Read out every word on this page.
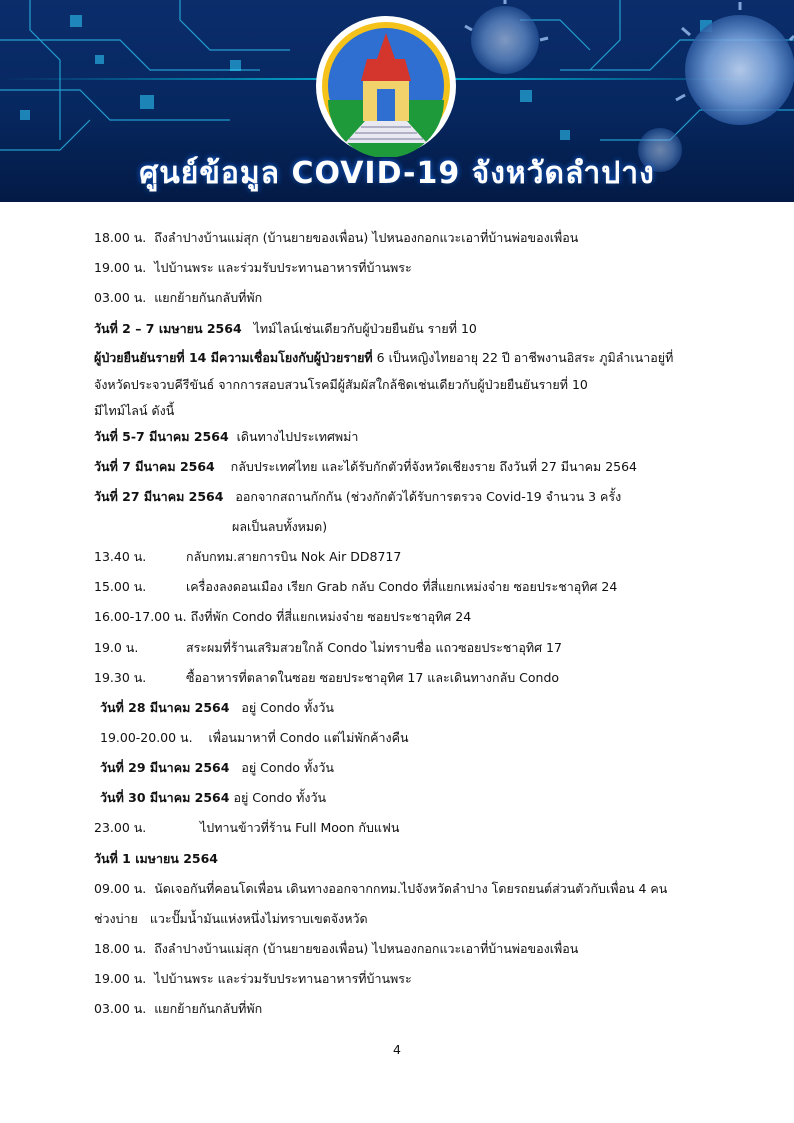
ศูนย์ข้อมูล COVID-19 จังหวัดลำปาง
18.00 น. ถึงลำปางบ้านแม่สุก (บ้านยายของเพื่อน) ไปหนองกอกแวะเอาที่บ้านพ่อของเพื่อน
19.00 น. ไปบ้านพระ และร่วมรับประทานอาหารที่บ้านพระ
03.00 น. แยกย้ายกันกลับที่พัก
วันที่ 2 – 7 เมษายน 2564 ไทม์ไลน์เช่นเดียวกับผู้ป่วยยืนยัน รายที่ 10
ผู้ป่วยยืนยันรายที่ 14 มีความเชื่อมโยงกับผู้ป่วยรายที่ 6 เป็นหญิงไทยอายุ 22 ปี อาชีพงานอิสระ ภูมิลำเนาอยู่ที่
จังหวัดประจวบคีรีขันธ์ จากการสอบสวนโรคมีผู้สัมผัสใกล้ชิดเช่นเดียวกับผู้ป่วยยืนยันรายที่ 10
มีไทม์ไลน์ ดังนี้
วันที่ 5-7 มีนาคม 2564 เดินทางไปประเทศพม่า
วันที่ 7 มีนาคม 2564 กลับประเทศไทย และได้รับกักตัวที่จังหวัดเชียงราย ถึงวันที่ 27 มีนาคม 2564
วันที่ 27 มีนาคม 2564 ออกจากสถานกักกัน (ช่วงกักตัวได้รับการตรวจ Covid-19 จำนวน 3 ครั้ง
ผลเป็นลบทั้งหมด)
13.40 น.	กลับกทม.สายการบิน Nok Air DD8717
15.00 น.	เครื่องลงดอนเมือง เรียก Grab กลับ Condo ที่สี่แยกเหม่งจ๋าย ซอยประชาอุทิศ 24
16.00-17.00 น. ถึงที่พัก Condo ที่สี่แยกเหม่งจ๋าย ซอยประชาอุทิศ 24
19.0 น.	สระผมที่ร้านเสริมสวยใกล้ Condo ไม่ทราบชื่อ แถวซอยประชาอุทิศ 17
19.30 น.	ซื้ออาหารที่ตลาดในซอย ซอยประชาอุทิศ 17 และเดินทางกลับ Condo
วันที่ 28 มีนาคม 2564 อยู่ Condo ทั้งวัน
19.00-20.00 น. เพื่อนมาหาที่ Condo แต่ไม่พักค้างคืน
วันที่ 29 มีนาคม 2564 อยู่ Condo ทั้งวัน
วันที่ 30 มีนาคม 2564 อยู่ Condo ทั้งวัน
23.00 น.	ไปทานข้าวที่ร้าน Full Moon กับแฟน
วันที่ 1 เมษายน 2564
09.00 น. นัดเจอกันที่คอนโดเพื่อน เดินทางออกจากกทม.ไปจังหวัดลำปาง โดยรถยนต์ส่วนตัวกับเพื่อน 4 คน
ช่วงบ่าย แวะปั๊มน้ำมันแห่งหนึ่งไม่ทราบเขตจังหวัด
18.00 น. ถึงลำปางบ้านแม่สุก (บ้านยายของเพื่อน) ไปหนองกอกแวะเอาที่บ้านพ่อของเพื่อน
19.00 น. ไปบ้านพระ และร่วมรับประทานอาหารที่บ้านพระ
03.00 น. แยกย้ายกันกลับที่พัก
4
